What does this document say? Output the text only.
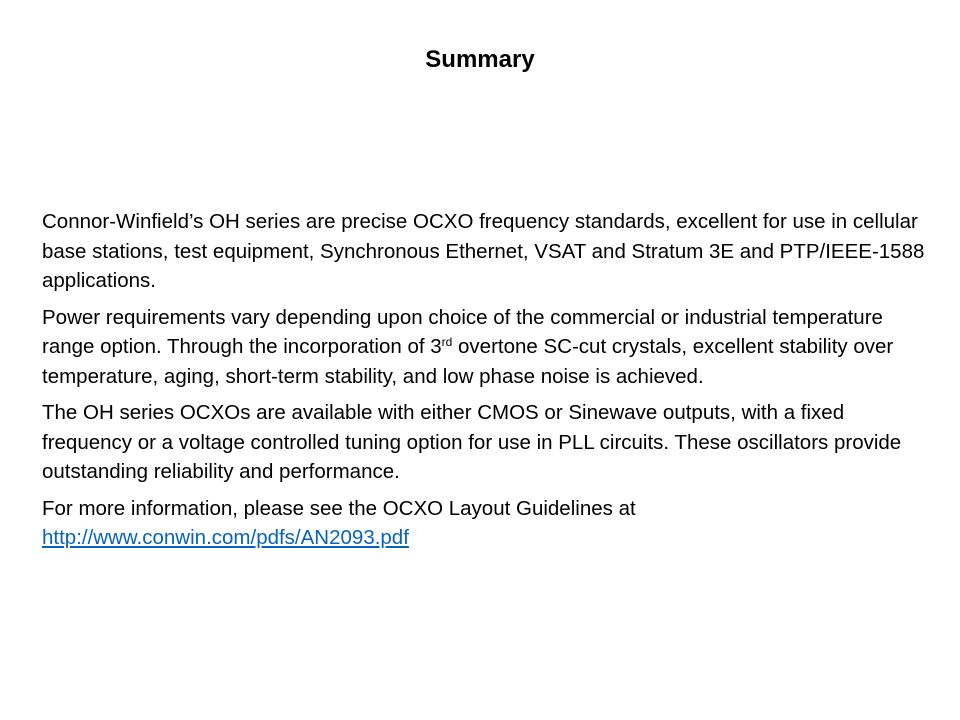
Summary

Connor-Winfield’s OH series are precise OCXO frequency standards, excellent for use in cellular base stations, test equipment, Synchronous Ethernet, VSAT and Stratum 3E and PTP/IEEE-1588 applications.

Power requirements vary depending upon choice of the commercial or industrial temperature range option. Through the incorporation of 3rd overtone SC-cut crystals, excellent stability over temperature, aging, short-term stability, and low phase noise is achieved.

The OH series OCXOs are available with either CMOS or Sinewave outputs, with a fixed frequency or a voltage controlled tuning option for use in PLL circuits. These oscillators provide outstanding reliability and performance.

For more information, please see the OCXO Layout Guidelines at
http://www.conwin.com/pdfs/AN2093.pdf
